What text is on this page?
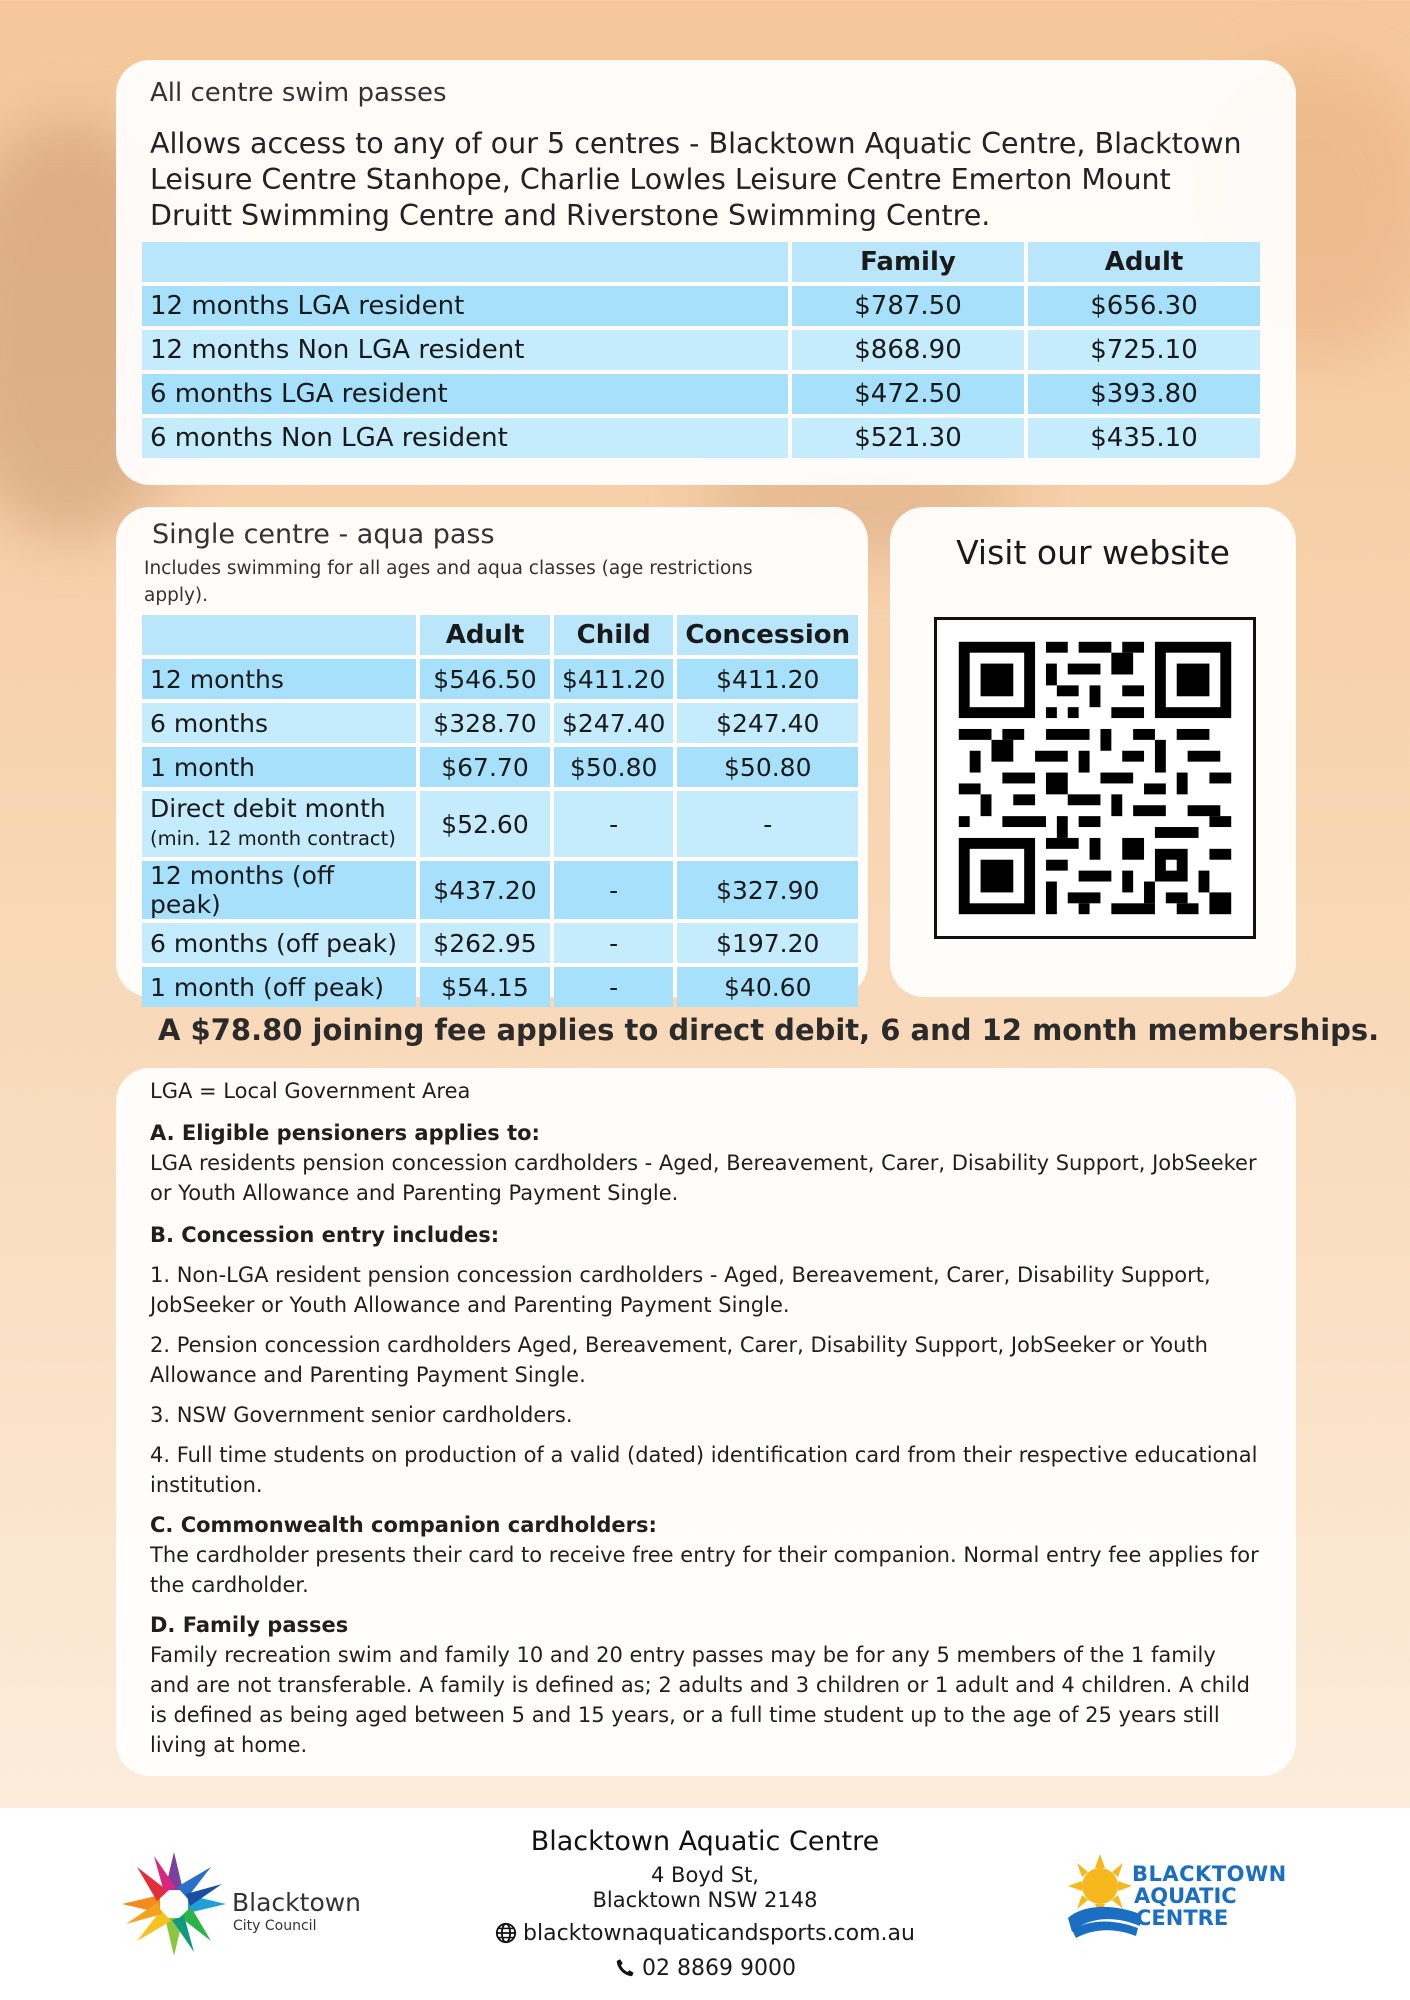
All centre swim passes
Allows access to any of our 5 centres - Blacktown Aquatic Centre, Blacktown Leisure Centre Stanhope, Charlie Lowles Leisure Centre Emerton Mount Druitt Swimming Centre and Riverstone Swimming Centre.
	Family	Adult
12 months LGA resident	$787.50	$656.30
12 months Non LGA resident	$868.90	$725.10
6 months LGA resident	$472.50	$393.80
6 months Non LGA resident	$521.30	$435.10
Single centre - aqua pass
Includes swimming for all ages and aqua classes (age restrictions apply).
	Adult	Child	Concession
12 months	$546.50	$411.20	$411.20
6 months	$328.70	$247.40	$247.40
1 month	$67.70	$50.80	$50.80

Direct debit month
(min. 12 month contract)	$52.60	-	-
12 months (off peak)	$437.20	-	$327.90
6 months (off peak)	$262.95	-	$197.20
1 month (off peak)	$54.15	-	$40.60
Visit our website
A $78.80 joining fee applies to direct debit, 6 and 12 month memberships.

LGA = Local Government Area

A. Eligible pensioners applies to:

LGA residents pension concession cardholders - Aged, Bereavement, Carer, Disability Support, JobSeeker or Youth Allowance and Parenting Payment Single.

B. Concession entry includes:

1. Non-LGA resident pension concession cardholders - Aged, Bereavement, Carer, Disability Support, JobSeeker or Youth Allowance and Parenting Payment Single.

2. Pension concession cardholders Aged, Bereavement, Carer, Disability Support, JobSeeker or Youth Allowance and Parenting Payment Single.

3. NSW Government senior cardholders.

4. Full time students on production of a valid (dated) identification card from their respective educational institution.

C. Commonwealth companion cardholders:

The cardholder presents their card to receive free entry for their companion. Normal entry fee applies for the cardholder.

D. Family passes

Family recreation swim and family 10 and 20 entry passes may be for any 5 members of the 1 family and are not transferable. A family is defined as; 2 adults and 3 children or 1 adult and 4 children. A child is defined as being aged between 5 and 15 years, or a full time student up to the age of 25 years still living at home.

Blacktown
City Council
Blacktown Aquatic Centre
4 Boyd St,
Blacktown NSW 2148
blacktownaquaticandsports.com.au
02 8869 9000
BLACKTOWN
AQUATIC
CENTRE
